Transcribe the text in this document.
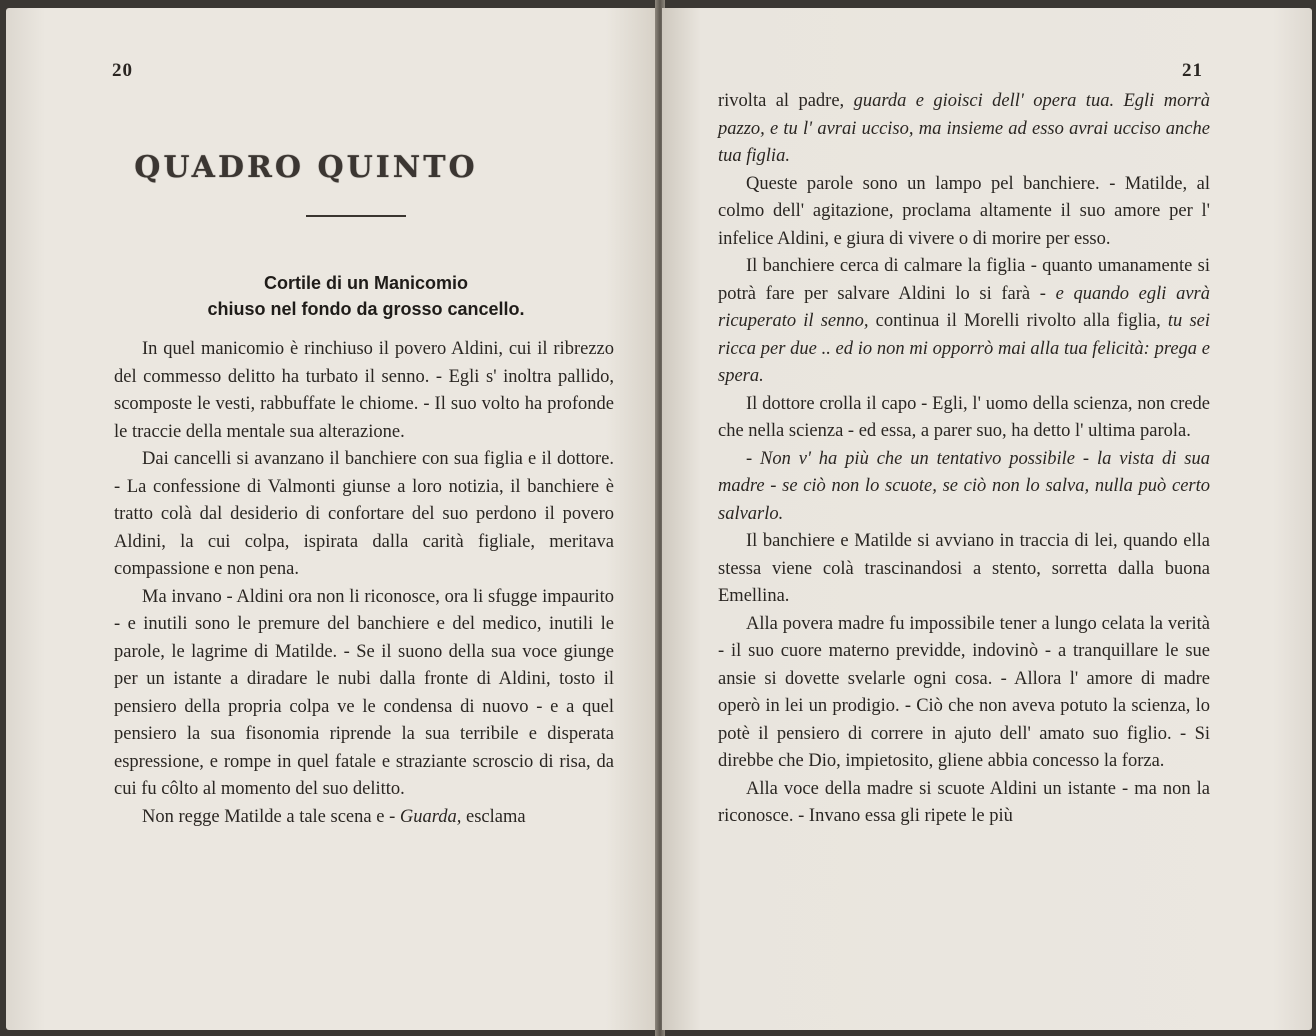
20
QUADRO QUINTO
Cortile di un Manicomio
chiuso nel fondo da grosso cancello.

In quel manicomio è rinchiuso il povero Aldini, cui il ribrezzo del commesso delitto ha turbato il senno. - Egli s' inoltra pallido, scomposte le vesti, rabbuffate le chiome. - Il suo volto ha profonde le traccie della mentale sua alterazione.

Dai cancelli si avanzano il banchiere con sua figlia e il dottore. - La confessione di Valmonti giunse a loro notizia, il banchiere è tratto colà dal desiderio di confortare del suo perdono il povero Aldini, la cui colpa, ispirata dalla carità figliale, meritava compassione e non pena.

Ma invano - Aldini ora non li riconosce, ora li sfugge impaurito - e inutili sono le premure del banchiere e del medico, inutili le parole, le lagrime di Matilde. - Se il suono della sua voce giunge per un istante a diradare le nubi dalla fronte di Aldini, tosto il pensiero della propria colpa ve le condensa di nuovo - e a quel pensiero la sua fisonomia riprende la sua terribile e disperata espressione, e rompe in quel fatale e straziante scroscio di risa, da cui fu côlto al momento del suo delitto.

Non regge Matilde a tale scena e - Guarda, esclama

21

rivolta al padre, guarda e gioisci dell' opera tua. Egli morrà pazzo, e tu l' avrai ucciso, ma insieme ad esso avrai ucciso anche tua figlia.

Queste parole sono un lampo pel banchiere. - Matilde, al colmo dell' agitazione, proclama altamente il suo amore per l' infelice Aldini, e giura di vivere o di morire per esso.

Il banchiere cerca di calmare la figlia - quanto umanamente si potrà fare per salvare Aldini lo si farà - e quando egli avrà ricuperato il senno, continua il Morelli rivolto alla figlia, tu sei ricca per due .. ed io non mi opporrò mai alla tua felicità: prega e spera.

Il dottore crolla il capo - Egli, l' uomo della scienza, non crede che nella scienza - ed essa, a parer suo, ha detto l' ultima parola.

- Non v' ha più che un tentativo possibile - la vista di sua madre - se ciò non lo scuote, se ciò non lo salva, nulla può certo salvarlo.

Il banchiere e Matilde si avviano in traccia di lei, quando ella stessa viene colà trascinandosi a stento, sorretta dalla buona Emellina.

Alla povera madre fu impossibile tener a lungo celata la verità - il suo cuore materno previdde, indovinò - a tranquillare le sue ansie si dovette svelarle ogni cosa. - Allora l' amore di madre operò in lei un prodigio. - Ciò che non aveva potuto la scienza, lo potè il pensiero di correre in ajuto dell' amato suo figlio. - Si direbbe che Dio, impietosito, gliene abbia concesso la forza.

Alla voce della madre si scuote Aldini un istante - ma non la riconosce. - Invano essa gli ripete le più
